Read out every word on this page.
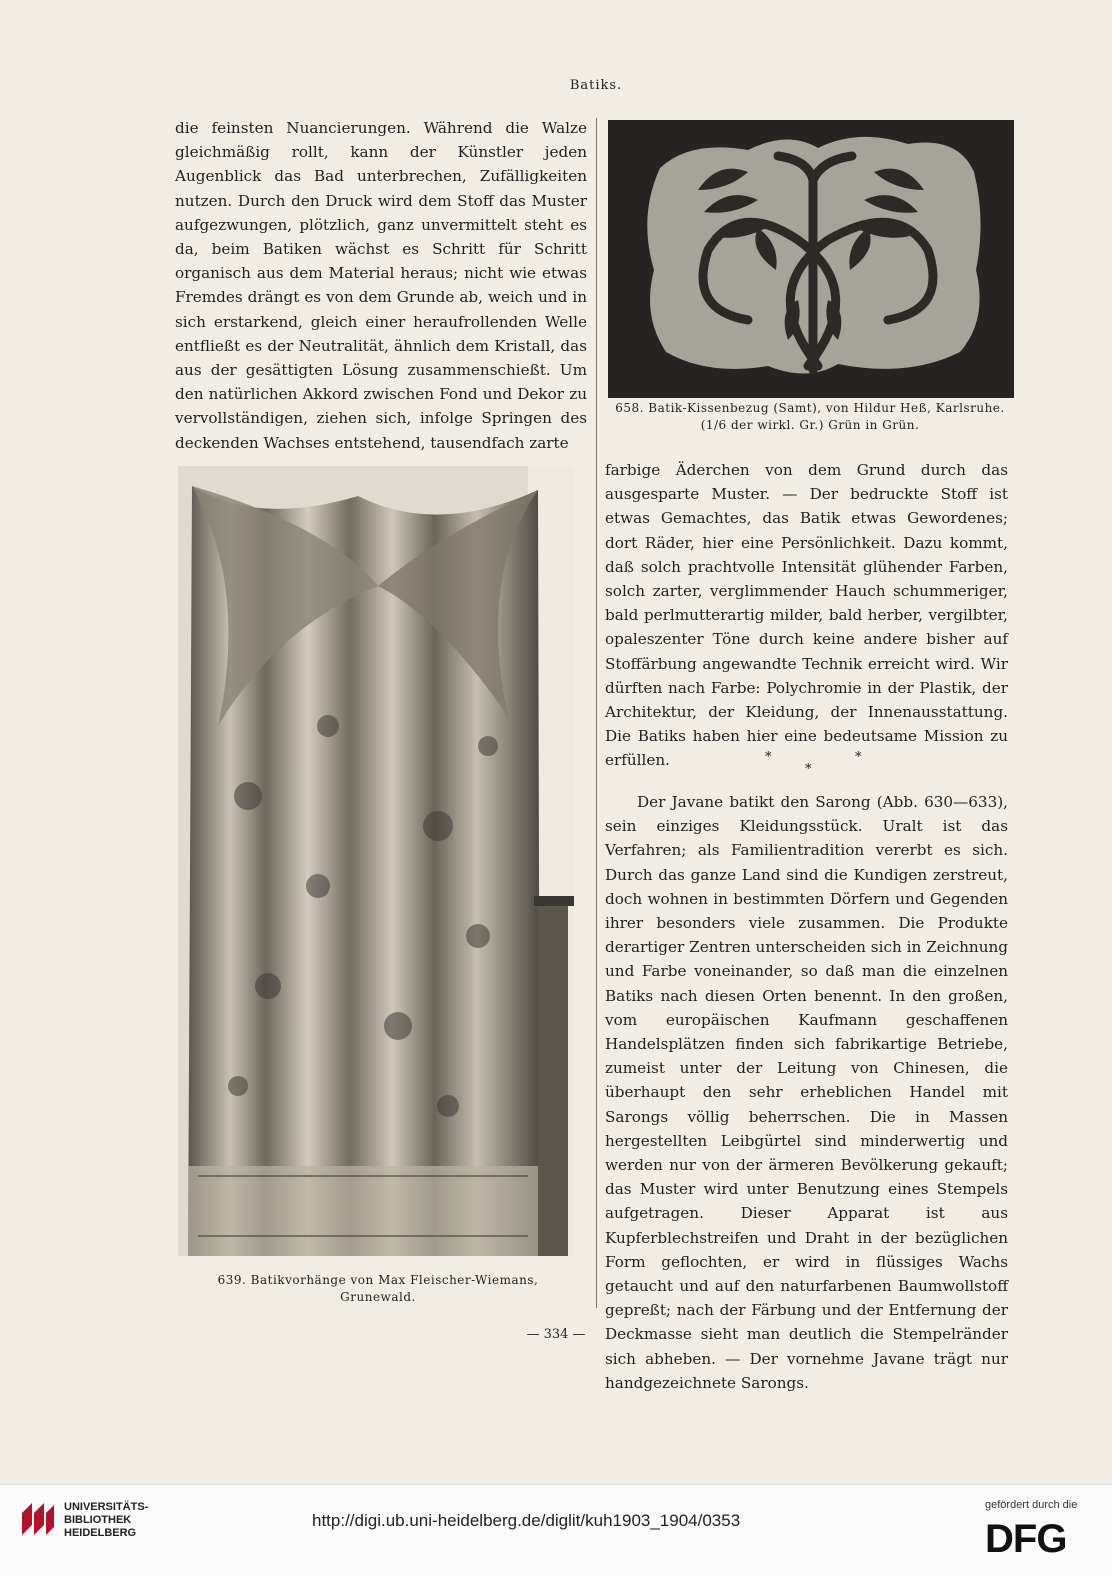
Batiks.

die feinsten Nuancierungen. Während die Walze gleichmäßig rollt, kann der Künstler jeden Augenblick das Bad unterbrechen, Zufälligkeiten nutzen. Durch den Druck wird dem Stoff das Muster aufgezwungen, plötzlich, ganz unvermittelt steht es da, beim Batiken wächst es Schritt für Schritt organisch aus dem Material heraus; nicht wie etwas Fremdes drängt es von dem Grunde ab, weich und in sich erstarkend, gleich einer heraufrollenden Welle entfließt es der Neutralität, ähnlich dem Kristall, das aus der gesättigten Lösung zusammenschießt. Um den natürlichen Akkord zwischen Fond und Dekor zu vervollständigen, ziehen sich, infolge Springen des deckenden Wachses entstehend, tausendfach zarte

658. Batik-Kissenbezug (Samt), von Hildur Heß, Karlsruhe.
(1/6 der wirkl. Gr.) Grün in Grün.
639. Batikvorhänge von Max Fleischer-Wiemans,
Grunewald.

farbige Äderchen von dem Grund durch das ausgesparte Muster. — Der bedruckte Stoff ist etwas Gemachtes, das Batik etwas Gewordenes; dort Räder, hier eine Persönlichkeit. Dazu kommt, daß solch prachtvolle Intensität glühender Farben, solch zarter, verglimmender Hauch schummeriger, bald perlmutterartig milder, bald herber, vergilbter, opaleszenter Töne durch keine andere bisher auf Stoffärbung angewandte Technik erreicht wird. Wir dürften nach Farbe: Polychromie in der Plastik, der Architektur, der Kleidung, der Innenausstattung. Die Batiks haben hier eine bedeutsame Mission zu erfüllen.	*
*
*

Der Javane batikt den Sarong (Abb. 630—633), sein einziges Kleidungsstück. Uralt ist das Verfahren; als Familientradition vererbt es sich. Durch das ganze Land sind die Kundigen zerstreut, doch wohnen in bestimmten Dörfern und Gegenden ihrer besonders viele zusammen. Die Produkte derartiger Zentren unterscheiden sich in Zeichnung und Farbe voneinander, so daß man die einzelnen Batiks nach diesen Orten benennt. In den großen, vom europäischen Kaufmann geschaffenen Handelsplätzen finden sich fabrikartige Betriebe, zumeist unter der Leitung von Chinesen, die überhaupt den sehr erheblichen Handel mit Sarongs völlig beherrschen. Die in Massen hergestellten Leibgürtel sind minderwertig und werden nur von der ärmeren Bevölkerung gekauft; das Muster wird unter Benutzung eines Stempels aufgetragen. Dieser Apparat ist aus Kupferblechstreifen und Draht in der bezüglichen Form geflochten, er wird in flüssiges Wachs getaucht und auf den naturfarbenen Baumwollstoff gepreßt; nach der Färbung und der Entfernung der Deckmasse sieht man deutlich die Stempelränder sich abheben. — Der vornehme Javane trägt nur handgezeichnete Sarongs.

— 334 —
UNIVERSITÄTS-
BIBLIOTHEK
HEIDELBERG
http://digi.ub.uni-heidelberg.de/diglit/kuh1903_1904/0353
gefördert durch die
DFG
